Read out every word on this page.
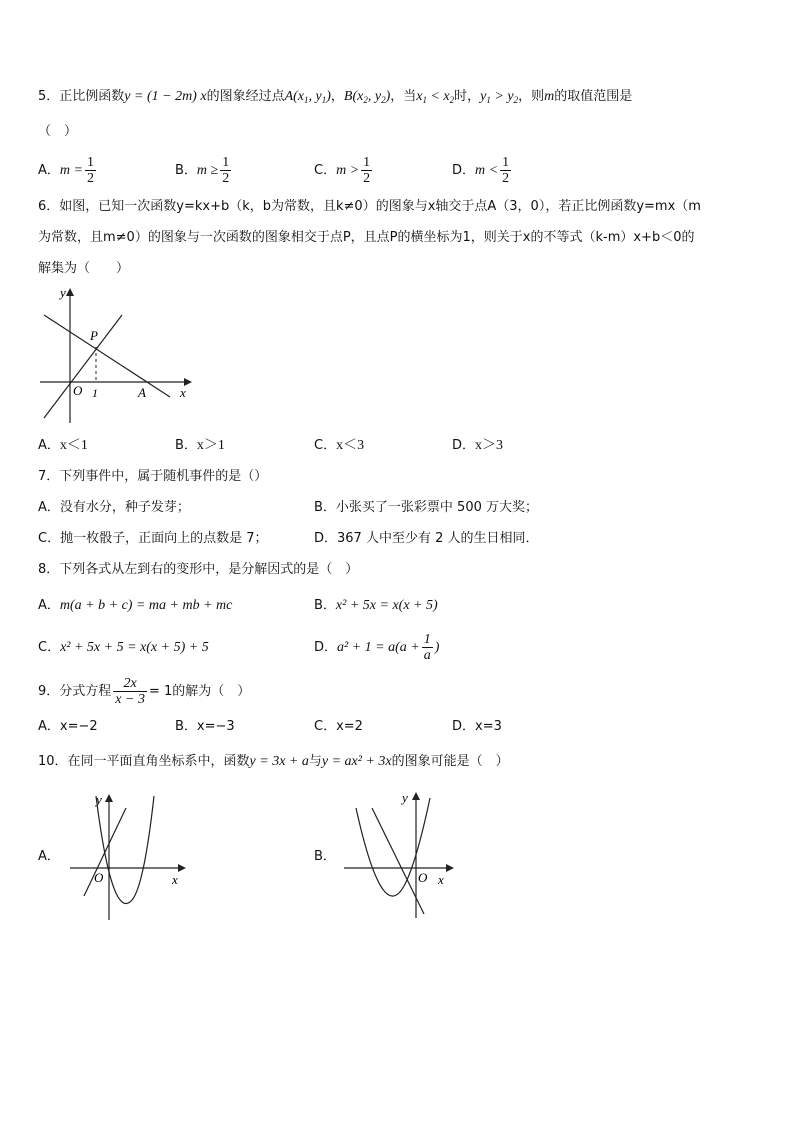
5．正比例函数y = (1 − 2m) x的图象经过点$A(x_1$, $y_1$)，$B(x_2$, $y_2$)，当$x_1 < x_2$时，$y_1 > y_2$，则m的取值范围是
（　）
A．$m = \frac{1}{2}$	B．$m \ge \frac{1}{2}$	C．$m > \frac{1}{2}$	D．$m < \frac{1}{2}$
6．如图，已知一次函数y=kx+b（k，b为常数，且k≠0）的图象与x轴交于点A（3，0），若正比例函数y=mx（m
为常数，且m≠0）的图象与一次函数的图象相交于点P，且点P的横坐标为1，则关于x的不等式（k-m）x+b＜0的
解集为（　　）
y
x
O
P
A
1
A．x＜1	B．x＞1	C．x＜3	D．x＞3
7．下列事件中，属于随机事件的是（）
A．没有水分，种子发芽；	B．小张买了一张彩票中 500 万大奖；
C．抛一枚骰子，正面向上的点数是 7；	D．367 人中至少有 2 人的生日相同．
8．下列各式从左到右的变形中，是分解因式的是（　）
A．m(a + b + c) = ma + mb + mc	B．x² + 5x = x(x + 5)
C．x² + 5x + 5 = x(x + 5) + 5	D．$a^2 + 1 = a(a + \frac{1}{a}$ )
9．分式方程 $\frac{2x}{x - 3} = 1$的解为（　）
A．x=−2	B．x=−3	C．x=2	D．x=3
10．在同一平面直角坐标系中，函数y = 3x + a与y = ax² + 3x的图象可能是（　）
A．
y
x
O
B．
y
x
O
